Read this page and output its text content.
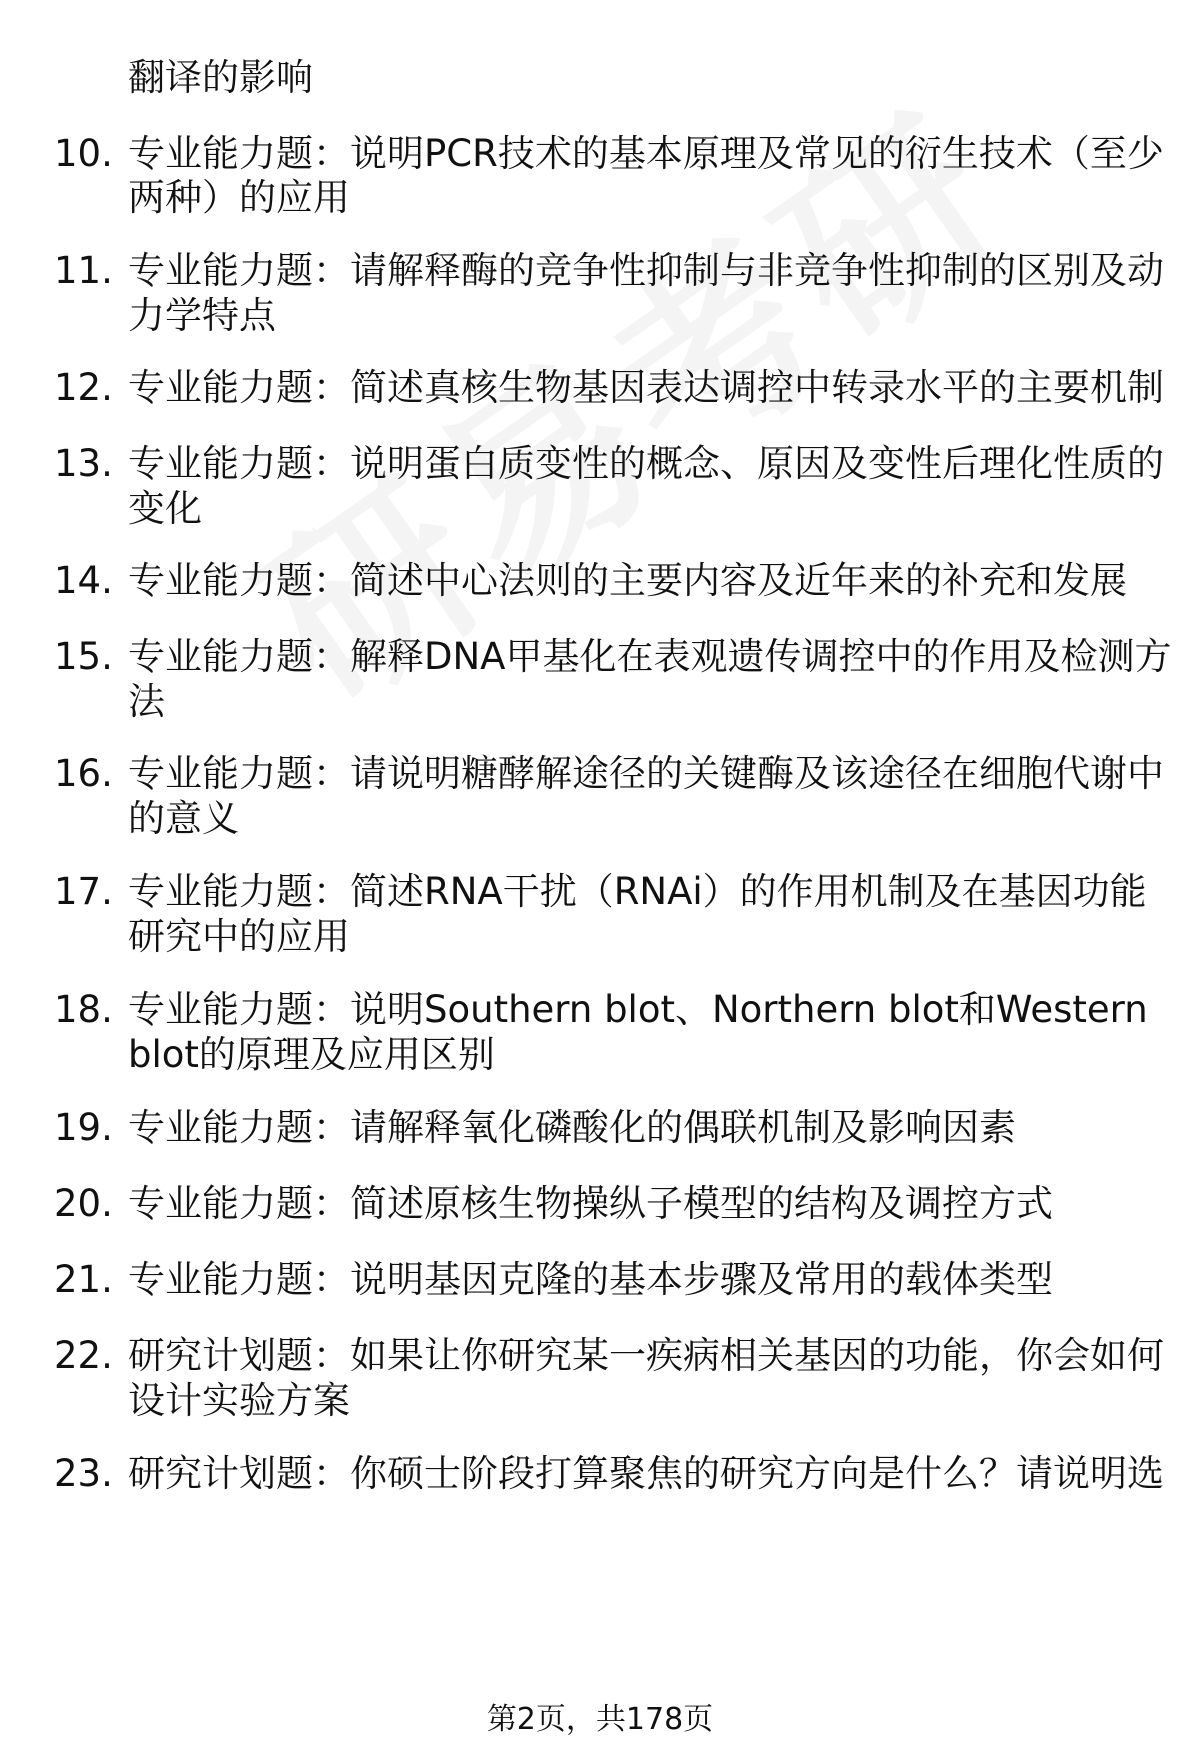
翻译的影响
10. 专业能力题：说明PCR技术的基本原理及常见的衍生技术（至少
两种）的应用
11. 专业能力题：请解释酶的竞争性抑制与非竞争性抑制的区别及动
力学特点
12. 专业能力题：简述真核生物基因表达调控中转录水平的主要机制
13. 专业能力题：说明蛋白质变性的概念、原因及变性后理化性质的
变化
14. 专业能力题：简述中心法则的主要内容及近年来的补充和发展
15. 专业能力题：解释DNA甲基化在表观遗传调控中的作用及检测方
法
16. 专业能力题：请说明糖酵解途径的关键酶及该途径在细胞代谢中
的意义
17. 专业能力题：简述RNA干扰（RNAi）的作用机制及在基因功能
研究中的应用
18. 专业能力题：说明Southern blot、Northern blot和Western
blot的原理及应用区别
19. 专业能力题：请解释氧化磷酸化的偶联机制及影响因素
20. 专业能力题：简述原核生物操纵子模型的结构及调控方式
21. 专业能力题：说明基因克隆的基本步骤及常用的载体类型
22. 研究计划题：如果让你研究某一疾病相关基因的功能，你会如何
设计实验方案
23. 研究计划题：你硕士阶段打算聚焦的研究方向是什么？请说明选
第2页，共178页
